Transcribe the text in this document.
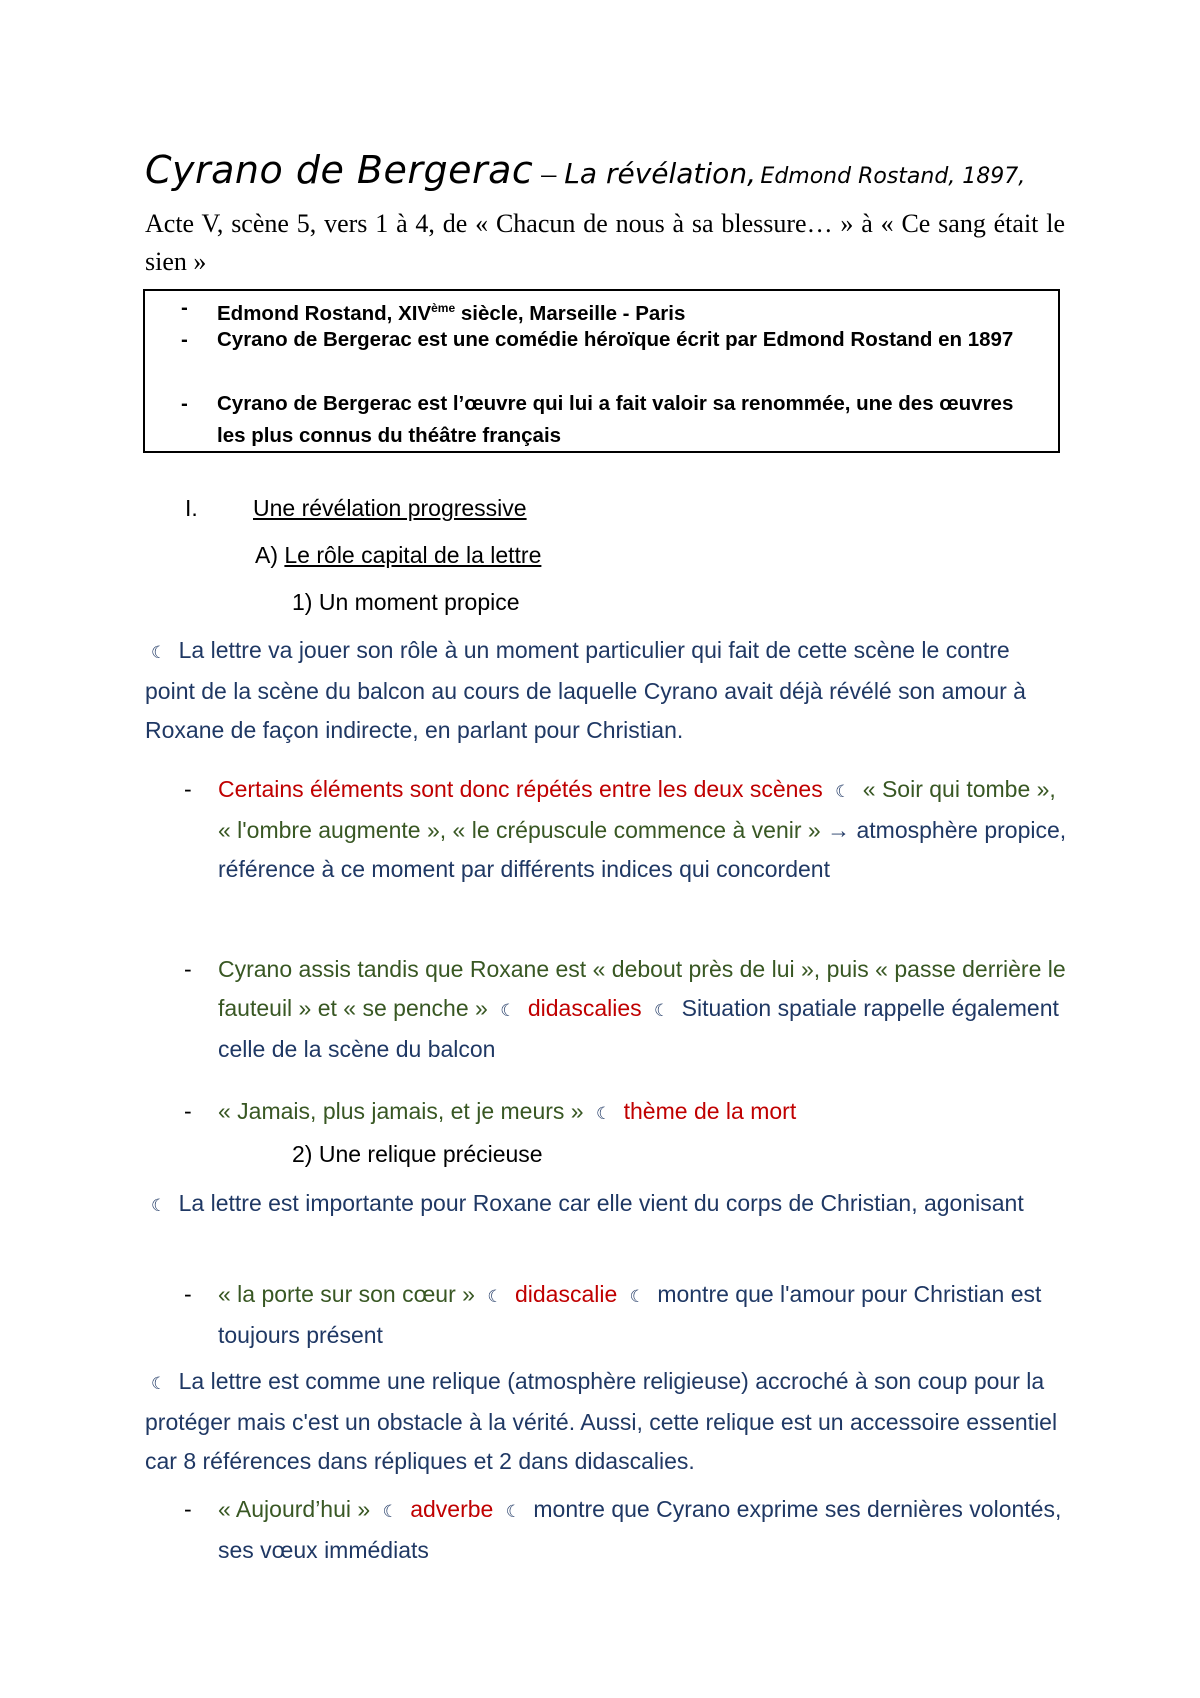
Cyrano de Bergerac – La révélation, Edmond Rostand, 1897,
Acte V, scène 5, vers 1 à 4, de « Chacun de nous à sa blessure… » à « Ce sang était le sien »
- Edmond Rostand, XIVème siècle, Marseille - Paris
- Cyrano de Bergerac est une comédie héroïque écrit par Edmond Rostand en 1897
- Cyrano de Bergerac est l’œuvre qui lui a fait valoir sa renommée, une des œuvres les plus connus du théâtre français
I. Une révélation progressive
A) Le rôle capital de la lettre
1) Un moment propice
☾ La lettre va jouer son rôle à un moment particulier qui fait de cette scène le contre point de la scène du balcon au cours de laquelle Cyrano avait déjà révélé son amour à Roxane de façon indirecte, en parlant pour Christian.
- Certains éléments sont donc répétés entre les deux scènes ☾ « Soir qui tombe », « l'ombre augmente », « le crépuscule commence à venir » → atmosphère propice, référence à ce moment par différents indices qui concordent
- Cyrano assis tandis que Roxane est « debout près de lui », puis « passe derrière le fauteuil » et « se penche » ☾ didascalies ☾ Situation spatiale rappelle également celle de la scène du balcon
- « Jamais, plus jamais, et je meurs » ☾ thème de la mort
2) Une relique précieuse
☾ La lettre est importante pour Roxane car elle vient du corps de Christian, agonisant
- « la porte sur son cœur » ☾ didascalie ☾ montre que l'amour pour Christian est toujours présent
☾ La lettre est comme une relique (atmosphère religieuse) accroché à son coup pour la protéger mais c'est un obstacle à la vérité. Aussi, cette relique est un accessoire essentiel car 8 références dans répliques et 2 dans didascalies.
- « Aujourd’hui » ☾ adverbe ☾ montre que Cyrano exprime ses dernières volontés, ses vœux immédiats
